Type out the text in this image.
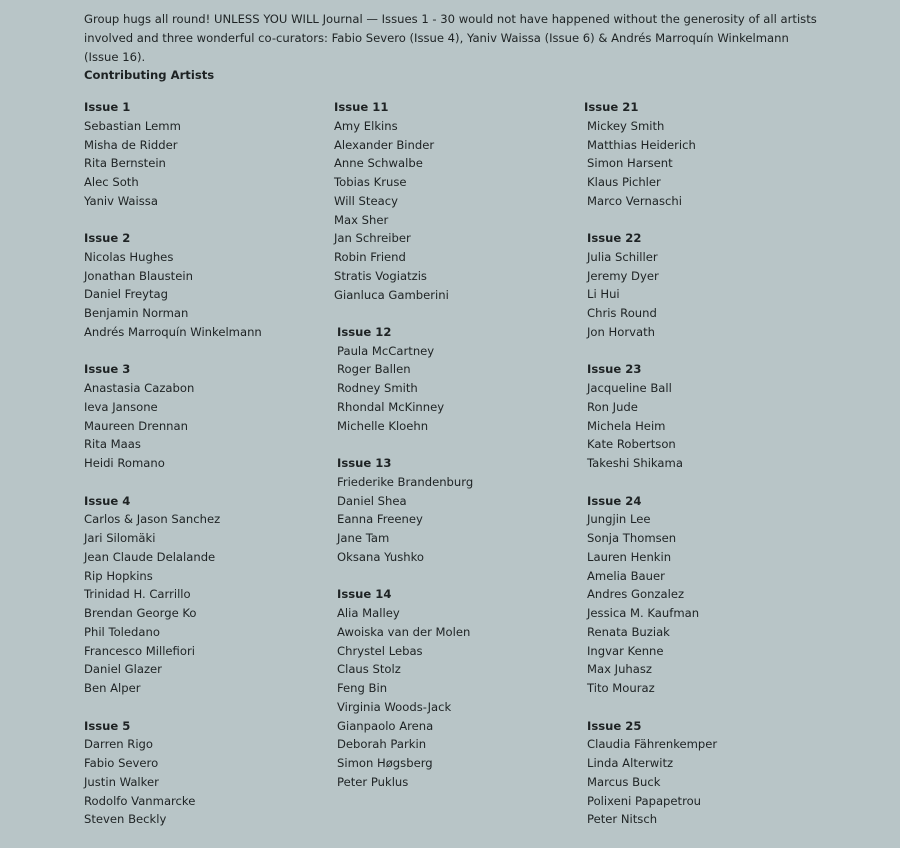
Group hugs all round! UNLESS YOU WILL Journal — Issues 1 - 30 would not have happened without the generosity of all artists involved and three wonderful co-curators: Fabio Severo (Issue 4), Yaniv Waissa (Issue 6) & Andrés Marroquín Winkelmann (Issue 16).

Contributing Artists
Issue 1
Sebastian Lemm
Misha de Ridder
Rita Bernstein
Alec Soth
Yaniv Waissa
Issue 2
Nicolas Hughes
Jonathan Blaustein
Daniel Freytag
Benjamin Norman
Andrés Marroquín Winkelmann
Issue 3
Anastasia Cazabon
Ieva Jansone
Maureen Drennan
Rita Maas
Heidi Romano
Issue 4
Carlos & Jason Sanchez
Jari Silomäki
Jean Claude Delalande
Rip Hopkins
Trinidad H. Carrillo
Brendan George Ko
Phil Toledano
Francesco Millefiori
Daniel Glazer
Ben Alper
Issue 5
Darren Rigo
Fabio Severo
Justin Walker
Rodolfo Vanmarcke
Steven Beckly
Issue 11
Amy Elkins
Alexander Binder
Anne Schwalbe
Tobias Kruse
Will Steacy
Max Sher
Jan Schreiber
Robin Friend
Stratis Vogiatzis
Gianluca Gamberini
Issue 12
Paula McCartney
Roger Ballen
Rodney Smith
Rhondal McKinney
Michelle Kloehn
Issue 13
Friederike Brandenburg
Daniel Shea
Eanna Freeney
Jane Tam
Oksana Yushko
Issue 14
Alia Malley
Awoiska van der Molen
Chrystel Lebas
Claus Stolz
Feng Bin
Virginia Woods-Jack
Gianpaolo Arena
Deborah Parkin
Simon Høgsberg
Peter Puklus
Issue 21
Mickey Smith
Matthias Heiderich
Simon Harsent
Klaus Pichler
Marco Vernaschi
Issue 22
Julia Schiller
Jeremy Dyer
Li Hui
Chris Round
Jon Horvath
Issue 23
Jacqueline Ball
Ron Jude
Michela Heim
Kate Robertson
Takeshi Shikama
Issue 24
Jungjin Lee
Sonja Thomsen
Lauren Henkin
Amelia Bauer
Andres Gonzalez
Jessica M. Kaufman
Renata Buziak
Ingvar Kenne
Max Juhasz
Tito Mouraz
Issue 25
Claudia Fährenkemper
Linda Alterwitz
Marcus Buck
Polixeni Papapetrou
Peter Nitsch
